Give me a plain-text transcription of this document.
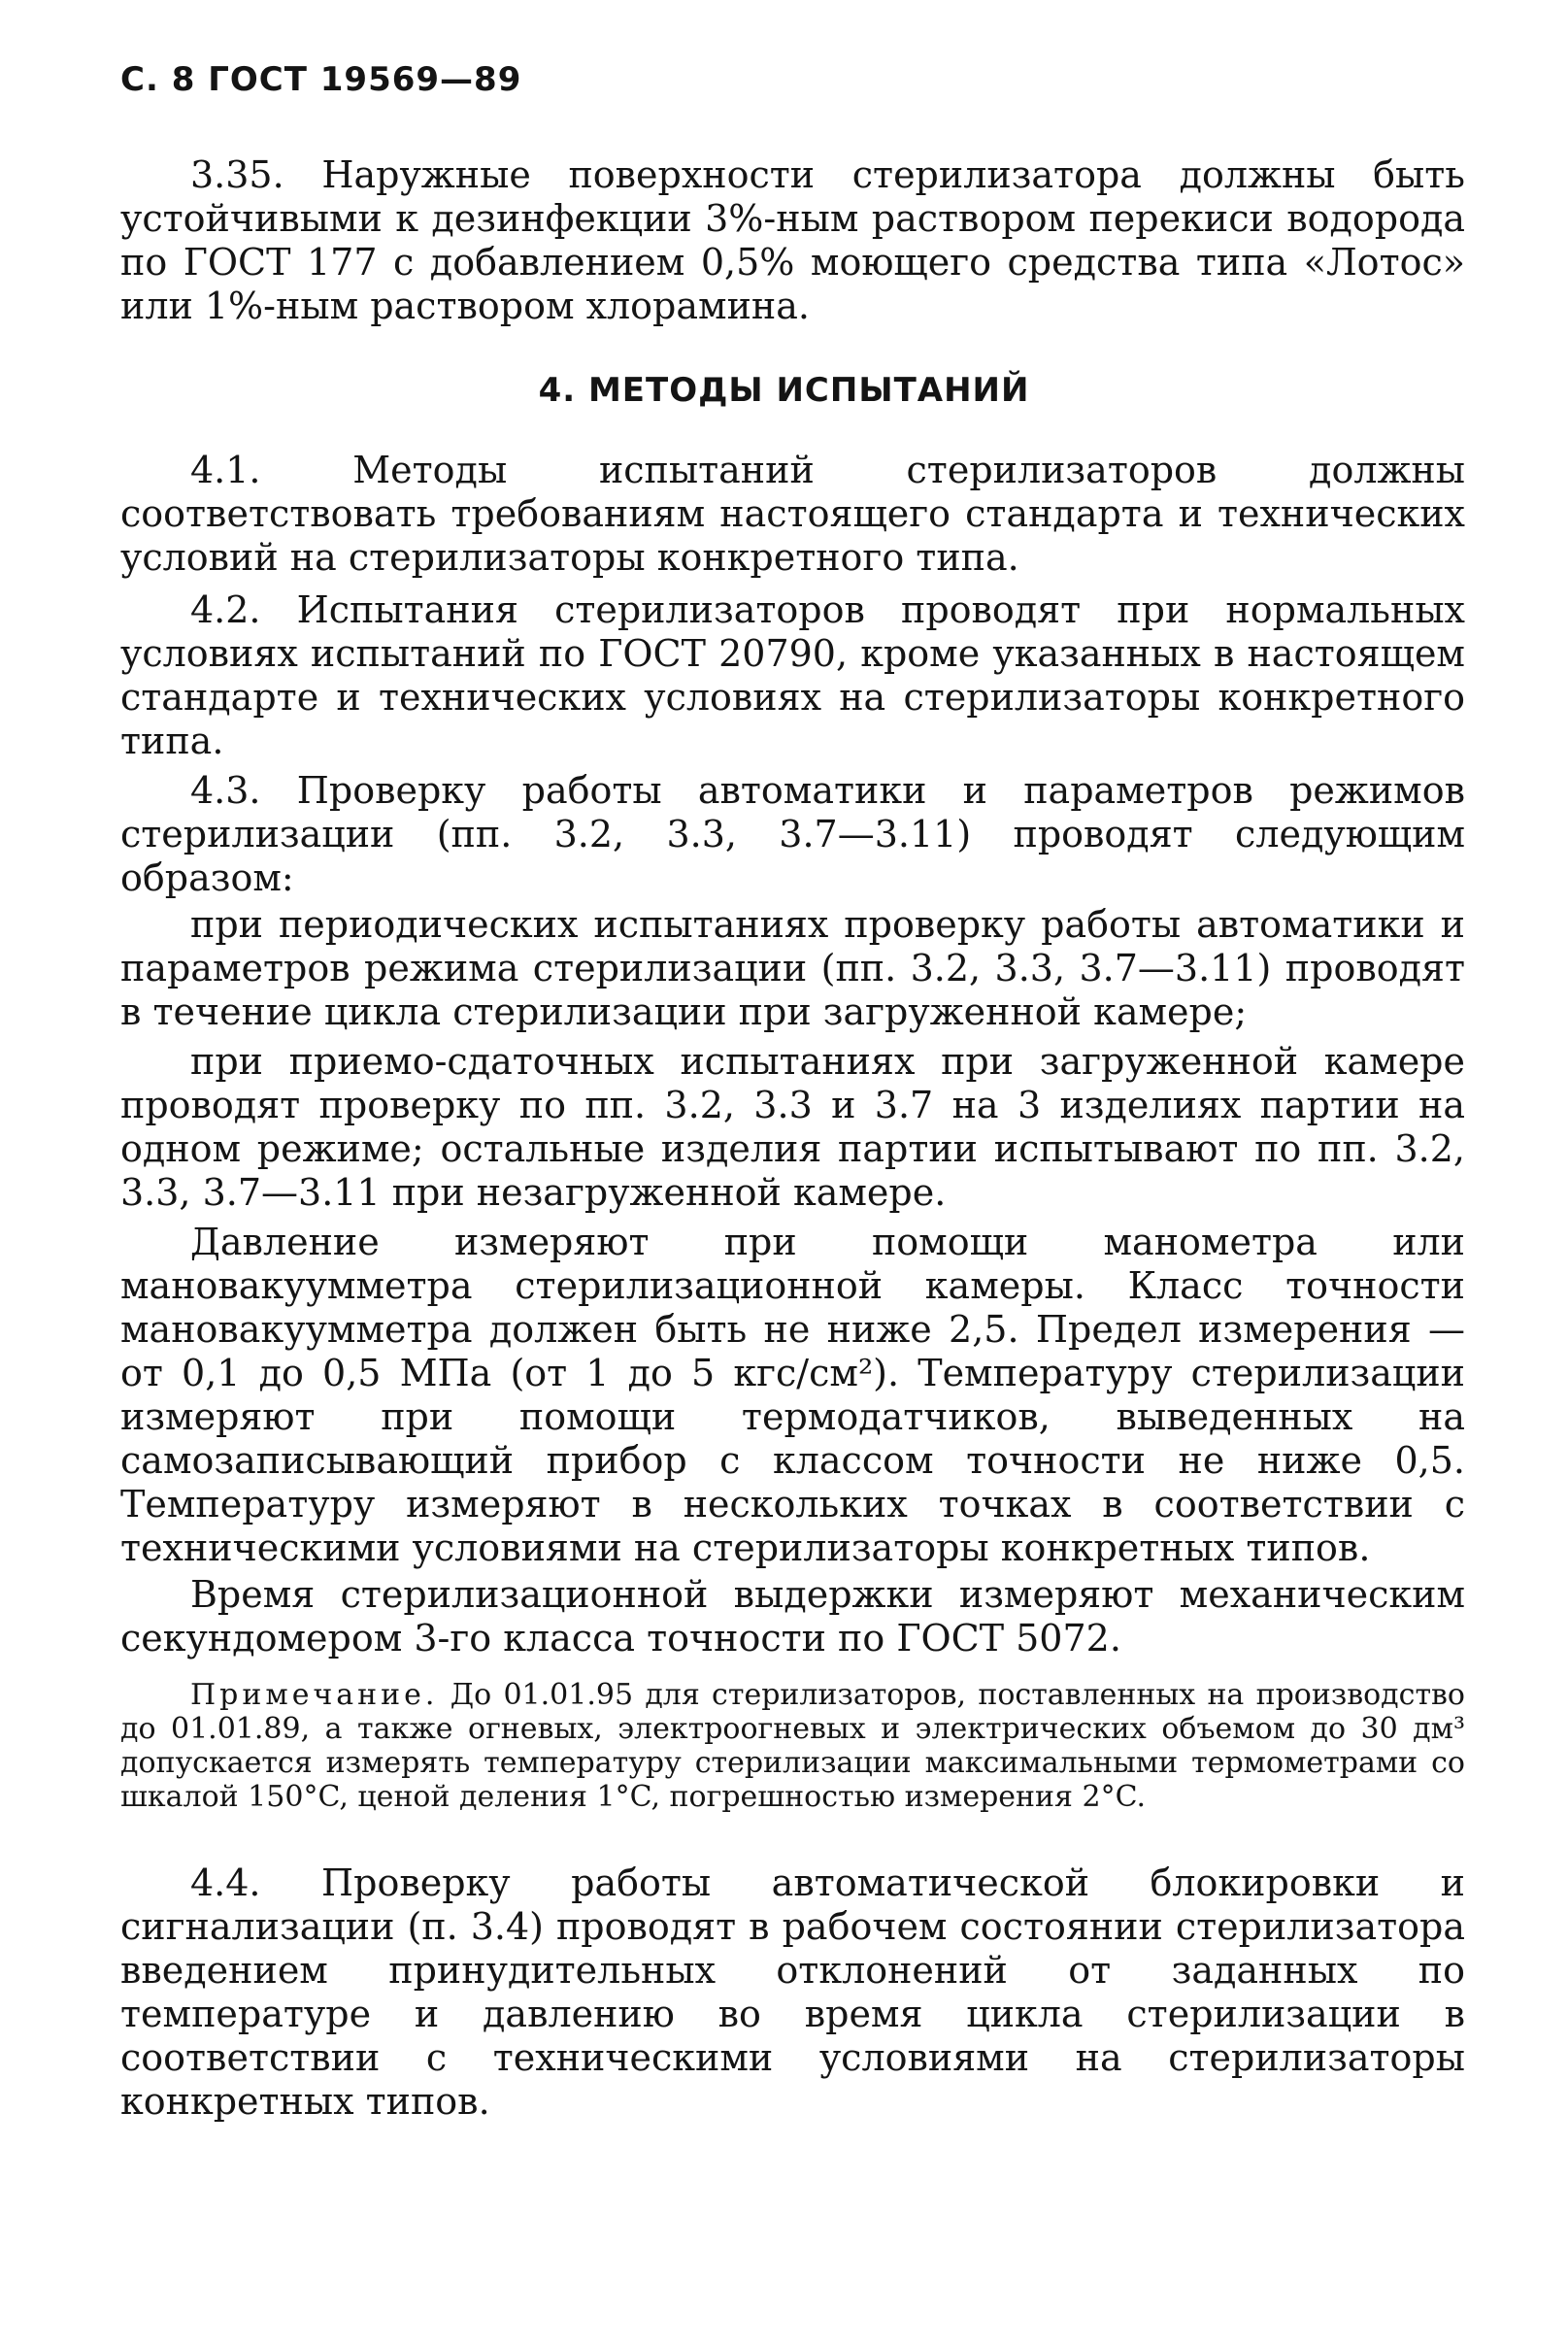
С. 8 ГОСТ 19569—89
3.35. Наружные поверхности стерилизатора должны быть устойчивыми к дезинфекции 3%-ным раствором перекиси водорода по ГОСТ 177 с добавлением 0,5% моющего средства типа «Лотос» или 1%-ным раствором хлорамина.
4. МЕТОДЫ ИСПЫТАНИЙ
4.1. Методы испытаний стерилизаторов должны соответствовать требованиям настоящего стандарта и технических условий на стерилизаторы конкретного типа.
4.2. Испытания стерилизаторов проводят при нормальных условиях испытаний по ГОСТ 20790, кроме указанных в настоящем стандарте и технических условиях на стерилизаторы конкретного типа.
4.3. Проверку работы автоматики и параметров режимов стерилизации (пп. 3.2, 3.3, 3.7—3.11) проводят следующим образом:
при периодических испытаниях проверку работы автоматики и параметров режима стерилизации (пп. 3.2, 3.3, 3.7—3.11) проводят в течение цикла стерилизации при загруженной камере;
при приемо-сдаточных испытаниях при загруженной камере проводят проверку по пп. 3.2, 3.3 и 3.7 на 3 изделиях партии на одном режиме; остальные изделия партии испытывают по пп. 3.2, 3.3, 3.7—3.11 при незагруженной камере.
Давление измеряют при помощи манометра или мановакуумметра стерилизационной камеры. Класс точности мановакуумметра должен быть не ниже 2,5. Предел измерения — от 0,1 до 0,5 МПа (от 1 до 5 кгс/см²). Температуру стерилизации измеряют при помощи термодатчиков, выведенных на самозаписывающий прибор с классом точности не ниже 0,5. Температуру измеряют в нескольких точках в соответствии с техническими условиями на стерилизаторы конкретных типов.
Время стерилизационной выдержки измеряют механическим секундомером 3-го класса точности по ГОСТ 5072.
Примечание. До 01.01.95 для стерилизаторов, поставленных на производство до 01.01.89, а также огневых, электроогневых и электрических объемом до 30 дм³ допускается измерять температуру стерилизации максимальными термометрами со шкалой 150°C, ценой деления 1°C, погрешностью измерения 2°C.
4.4. Проверку работы автоматической блокировки и сигнализации (п. 3.4) проводят в рабочем состоянии стерилизатора введением принудительных отклонений от заданных по температуре и давлению во время цикла стерилизации в соответствии с техническими условиями на стерилизаторы конкретных типов.
